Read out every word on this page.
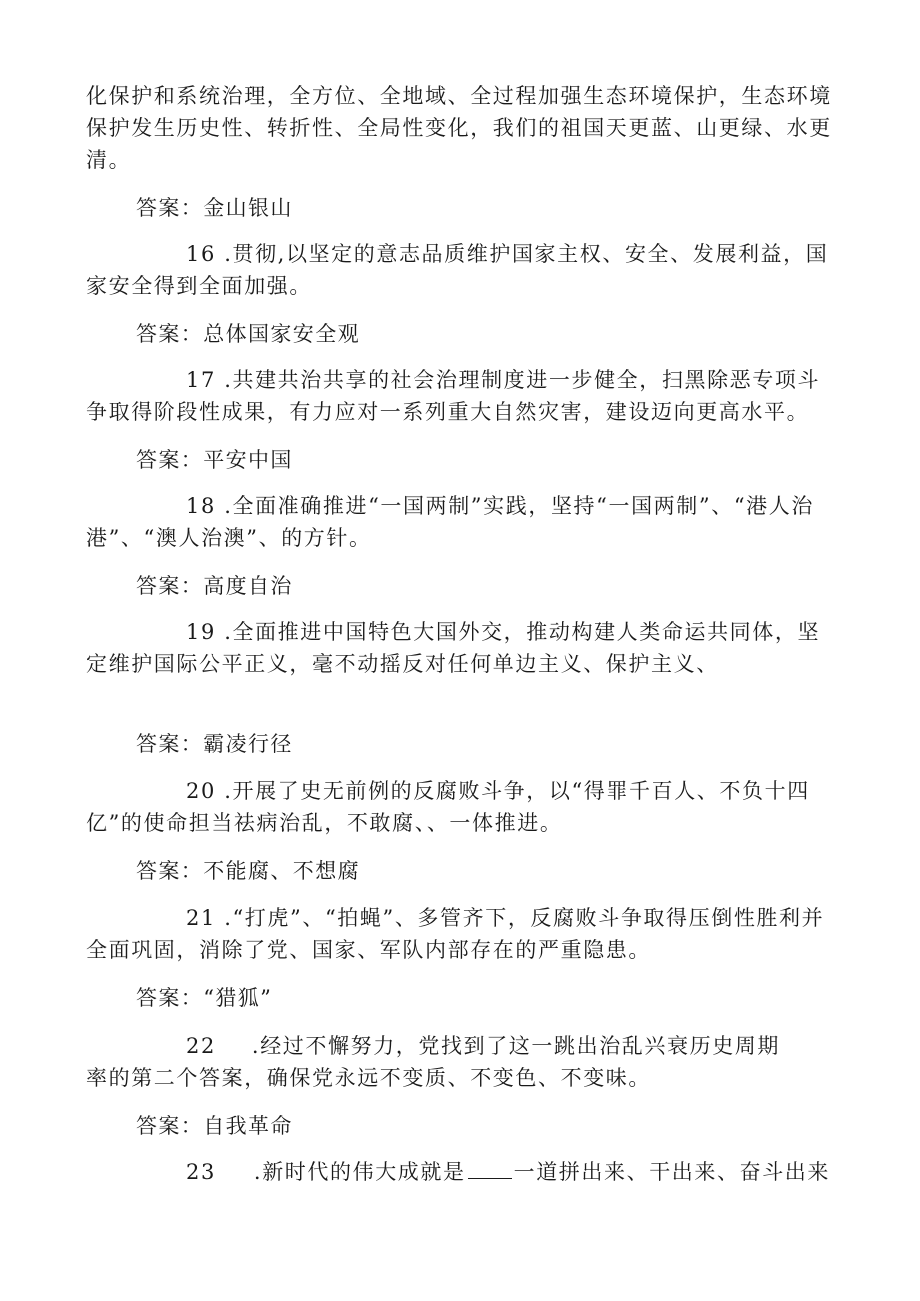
化保护和系统治理，全方位、全地域、全过程加强生态环境保护，生态环境保护发生历史性、转折性、全局性变化，我们的祖国天更蓝、山更绿、水更清。
答案：金山银山
16 .贯彻,以坚定的意志品质维护国家主权、安全、发展利益，国家安全得到全面加强。
答案：总体国家安全观
17 .共建共治共享的社会治理制度进一步健全，扫黑除恶专项斗争取得阶段性成果，有力应对一系列重大自然灾害，建设迈向更高水平。
答案：平安中国
18 .全面准确推进“一国两制”实践，坚持“一国两制”、“港人治港”、“澳人治澳”、的方针。
答案：高度自治
19 .全面推进中国特色大国外交，推动构建人类命运共同体，坚定维护国际公平正义，毫不动摇反对任何单边主义、保护主义、
答案：霸凌行径
20 .开展了史无前例的反腐败斗争，以“得罪千百人、不负十四亿”的使命担当祛病治乱，不敢腐、、一体推进。
答案：不能腐、不想腐
21 .“打虎”、“拍蝇”、多管齐下，反腐败斗争取得压倒性胜利并全面巩固，消除了党、国家、军队内部存在的严重隐患。
答案：“猎狐”
22 .经过不懈努力，党找到了这一跳出治乱兴衰历史周期
率的第二个答案，确保党永远不变质、不变色、不变味。
答案：自我革命
23 .新时代的伟大成就是 一道拼出来、干出来、奋斗出来
